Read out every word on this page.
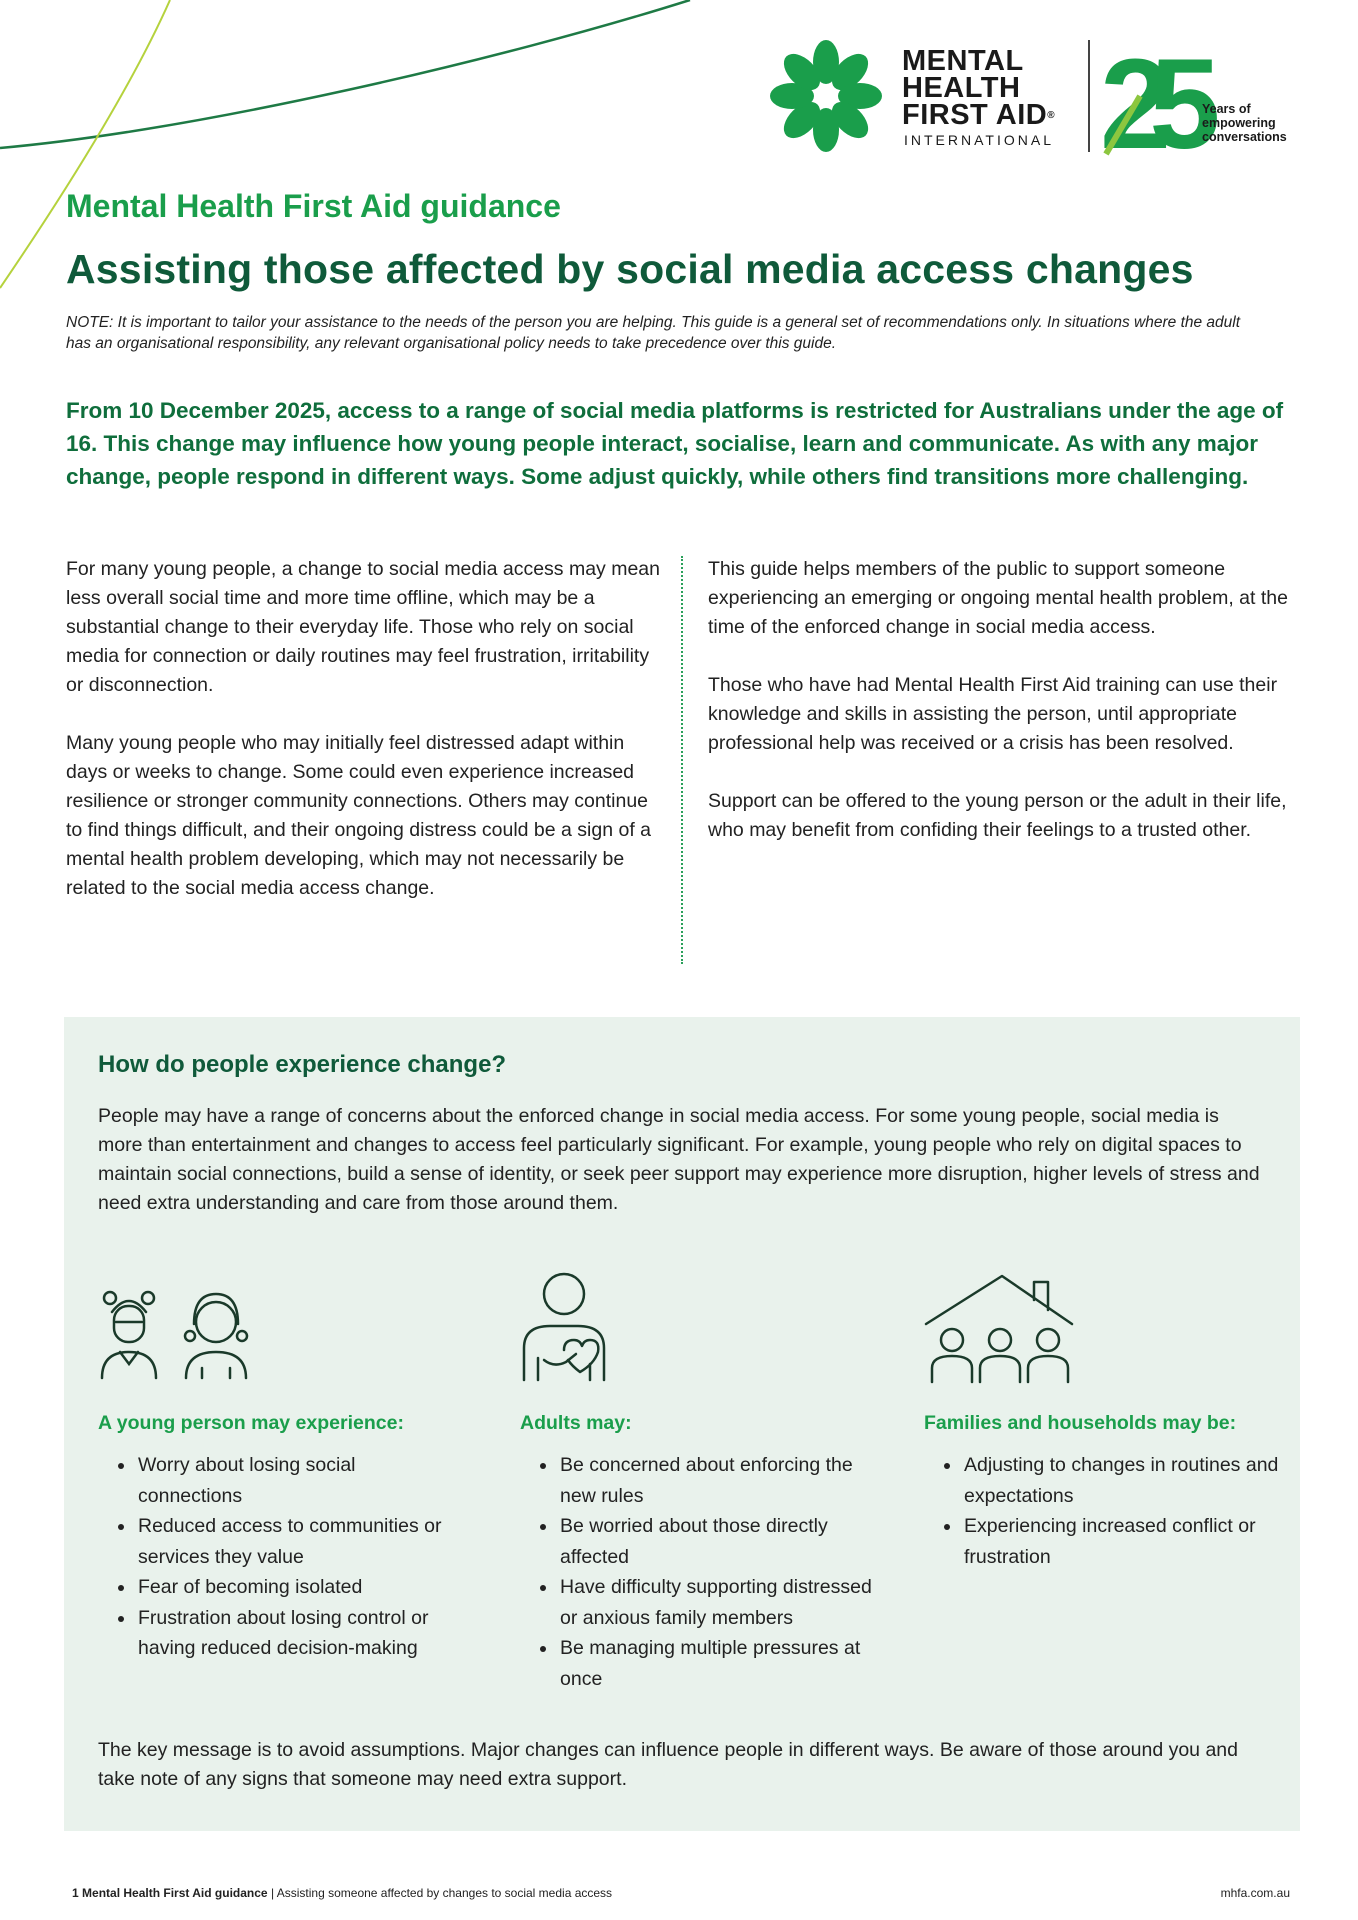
MENTAL
HEALTH
FIRST AID®
INTERNATIONAL 25 Years of
empowering
conversations
Mental Health First Aid guidance
Assisting those affected by social media access changes
NOTE: It is important to tailor your assistance to the needs of the person you are helping. This guide is a general set of recommendations only. In situations where the adult has an organisational responsibility, any relevant organisational policy needs to take precedence over this guide.
From 10 December 2025, access to a range of social media platforms is restricted for Australians under the age of 16. This change may influence how young people interact, socialise, learn and communicate. As with any major change, people respond in different ways. Some adjust quickly, while others find transitions more challenging.

For many young people, a change to social media access may mean less overall social time and more time offline, which may be a substantial change to their everyday life. Those who rely on social media for connection or daily routines may feel frustration, irritability or disconnection.

Many young people who may initially feel distressed adapt within days or weeks to change. Some could even experience increased resilience or stronger community connections. Others may continue to find things difficult, and their ongoing distress could be a sign of a mental health problem developing, which may not necessarily be related to the social media access change.

This guide helps members of the public to support someone experiencing an emerging or ongoing mental health problem, at the time of the enforced change in social media access.

Those who have had Mental Health First Aid training can use their knowledge and skills in assisting the person, until appropriate professional help was received or a crisis has been resolved.

Support can be offered to the young person or the adult in their life, who may benefit from confiding their feelings to a trusted other.

How do people experience change?
People may have a range of concerns about the enforced change in social media access. For some young people, social media is more than entertainment and changes to access feel particularly significant. For example, young people who rely on digital spaces to maintain social connections, build a sense of identity, or seek peer support may experience more disruption, higher levels of stress and need extra understanding and care from those around them.
A young person may experience:
• Worry about losing social connections
• Reduced access to communities or services they value
• Fear of becoming isolated
• Frustration about losing control or having reduced decision-making
Adults may:
• Be concerned about enforcing the new rules
• Be worried about those directly affected
• Have difficulty supporting distressed or anxious family members
• Be managing multiple pressures at once
Families and households may be:
• Adjusting to changes in routines and expectations
• Experiencing increased conflict or frustration
The key message is to avoid assumptions. Major changes can influence people in different ways. Be aware of those around you and take note of any signs that someone may need extra support.
1 Mental Health First Aid guidance | Assisting someone affected by changes to social media access	mhfa.com.au
